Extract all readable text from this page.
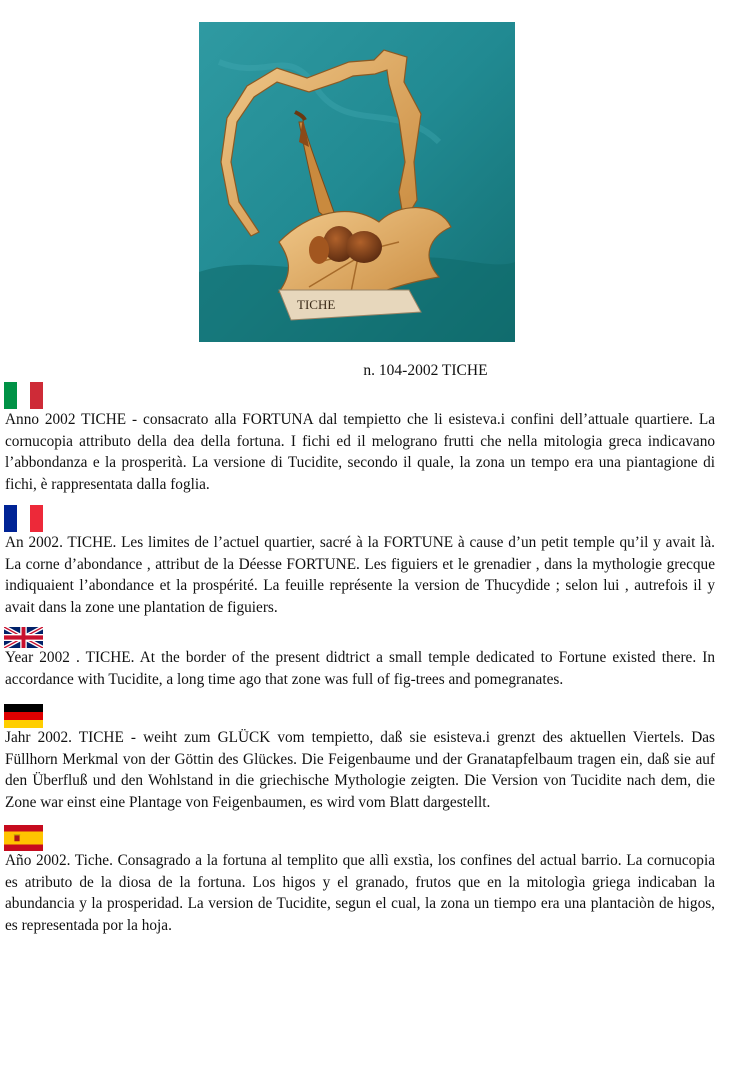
TICHE
n. 104-2002 TICHE

Anno 2002 TICHE - consacrato alla FORTUNA dal tempietto che li esisteva.i confini dell’attuale quartiere. La cornucopia attributo della dea della fortuna. I fichi ed il melograno frutti che nella mitologia greca indicavano l’abbondanza e la prosperità. La versione di Tucidite, secondo il quale, la zona un tempo era una piantagione di fichi, è rappresentata dalla foglia.

An 2002. TICHE. Les limites de l’actuel quartier, sacré à la FORTUNE à cause d’un petit temple qu’il y avait là. La corne d’abondance , attribut de la Déesse FORTUNE. Les figuiers et le grenadier , dans la mythologie grecque indiquaient l’abondance et la prospérité. La feuille représente la version de Thucydide ; selon lui , autrefois il y avait dans la zone une plantation de figuiers.

Year 2002 . TICHE. At the border of the present didtrict a small temple dedicated to Fortune existed there. In accordance with Tucidite, a long time ago that zone was full of fig-trees and pomegranates.

Jahr 2002. TICHE - weiht zum GLÜCK vom tempietto, daß sie esisteva.i grenzt des aktuellen Viertels. Das Füllhorn Merkmal von der Göttin des Glückes. Die Feigenbaume und der Granatapfelbaum tragen ein, daß sie auf den Überfluß und den Wohlstand in die griechische Mythologie zeigten. Die Version von Tucidite nach dem, die Zone war einst eine Plantage von Feigenbaumen, es wird vom Blatt dargestellt.

Año 2002. Tiche. Consagrado a la fortuna al templito que allì exstìa, los confines del actual barrio. La cornucopia es atributo de la diosa de la fortuna. Los higos y el granado, frutos que en la mitologìa griega indicaban la abundancia y la prosperidad. La version de Tucidite, segun el cual, la zona un tiempo era una plantaciòn de higos, es representada por la hoja.
